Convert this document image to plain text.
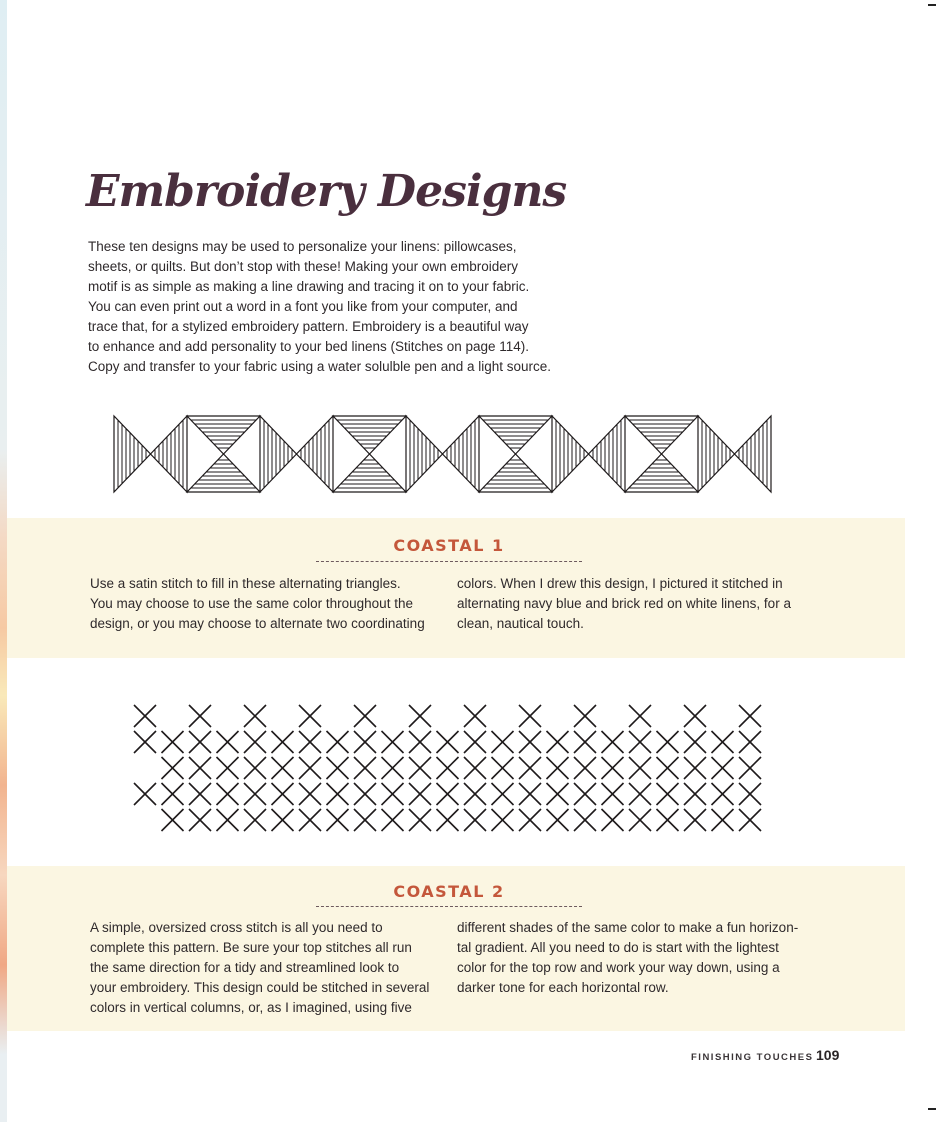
Embroidery Designs
These ten designs may be used to personalize your linens: pillowcases,
sheets, or quilts. But don’t stop with these! Making your own embroidery
motif is as simple as making a line drawing and tracing it on to your fabric.
You can even print out a word in a font you like from your computer, and
trace that, for a stylized embroidery pattern. Embroidery is a beautiful way
to enhance and add personality to your bed linens (Stitches on page 114).
Copy and transfer to your fabric using a water solulble pen and a light source.
COASTAL 1
Use a satin stitch to fill in these alternating triangles.
You may choose to use the same color throughout the
design, or you may choose to alternate two coordinating
colors. When I drew this design, I pictured it stitched in
alternating navy blue and brick red on white linens, for a
clean, nautical touch.
COASTAL 2
A simple, oversized cross stitch is all you need to
complete this pattern. Be sure your top stitches all run
the same direction for a tidy and streamlined look to
your embroidery. This design could be stitched in several
colors in vertical columns, or, as I imagined, using five
different shades of the same color to make a fun horizon-
tal gradient. All you need to do is start with the lightest
color for the top row and work your way down, using a
darker tone for each horizontal row.
FINISHING TOUCHES 109
